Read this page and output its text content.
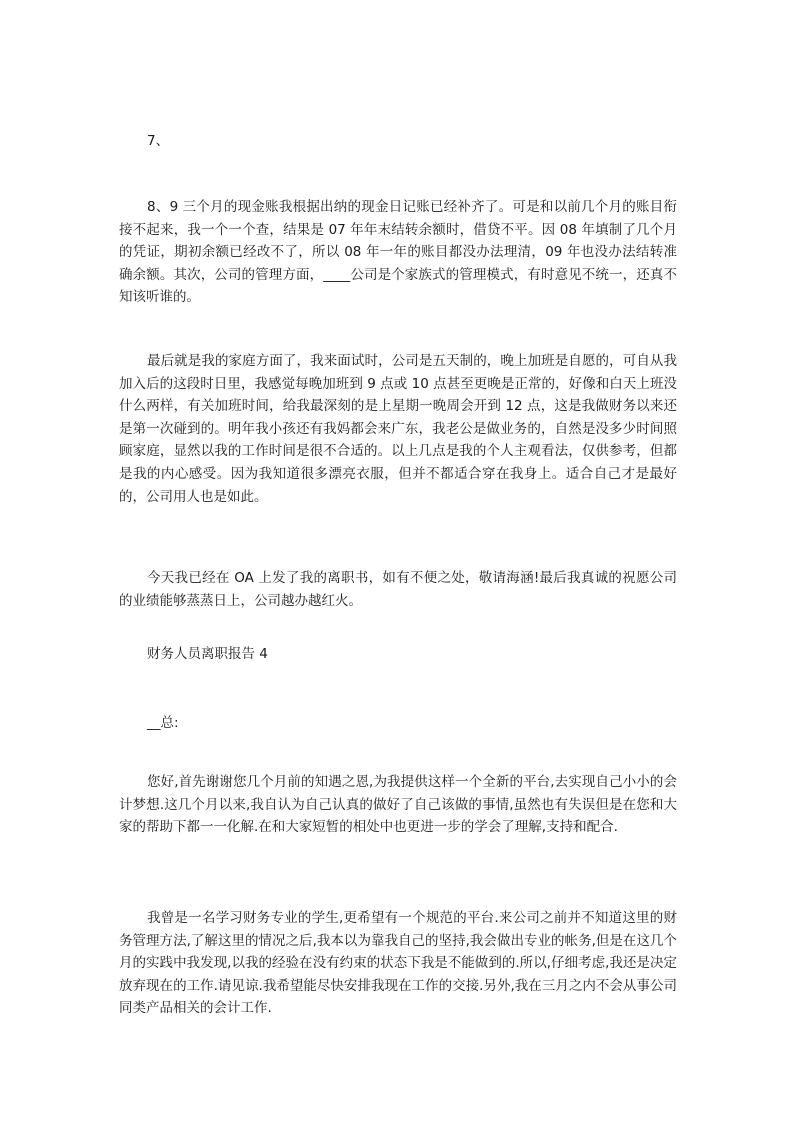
7、

8、9 三个月的现金账我根据出纳的现金日记账已经补齐了。可是和以前几个月的账目衔接不起来，我一个一个查，结果是 07 年年末结转余额时，借贷不平。因 08 年填制了几个月的凭证，期初余额已经改不了，所以 08 年一年的账目都没办法理清，09 年也没办法结转准确余额。其次，公司的管理方面，____公司是个家族式的管理模式，有时意见不统一，还真不知该听谁的。

最后就是我的家庭方面了，我来面试时，公司是五天制的，晚上加班是自愿的，可自从我加入后的这段时日里，我感觉每晚加班到 9 点或 10 点甚至更晚是正常的，好像和白天上班没什么两样，有关加班时间，给我最深刻的是上星期一晚周会开到 12 点，这是我做财务以来还是第一次碰到的。明年我小孩还有我妈都会来广东，我老公是做业务的，自然是没多少时间照顾家庭，显然以我的工作时间是很不合适的。以上几点是我的个人主观看法，仅供参考，但都是我的内心感受。因为我知道很多漂亮衣服，但并不都适合穿在我身上。适合自己才是最好的，公司用人也是如此。

今天我已经在 OA 上发了我的离职书，如有不便之处，敬请海涵!最后我真诚的祝愿公司的业绩能够蒸蒸日上，公司越办越红火。

财务人员离职报告 4

__总:

您好,首先谢谢您几个月前的知遇之恩,为我提供这样一个全新的平台,去实现自己小小的会计梦想.这几个月以来,我自认为自己认真的做好了自己该做的事情,虽然也有失误但是在您和大家的帮助下都一一化解.在和大家短暂的相处中也更进一步的学会了理解,支持和配合.

我曾是一名学习财务专业的学生,更希望有一个规范的平台.来公司之前并不知道这里的财务管理方法,了解这里的情况之后,我本以为靠我自己的坚持,我会做出专业的帐务,但是在这几个月的实践中我发现,以我的经验在没有约束的状态下我是不能做到的.所以,仔细考虑,我还是决定放弃现在的工作.请见谅.我希望能尽快安排我现在工作的交接.另外,我在三月之内不会从事公司同类产品相关的会计工作.
